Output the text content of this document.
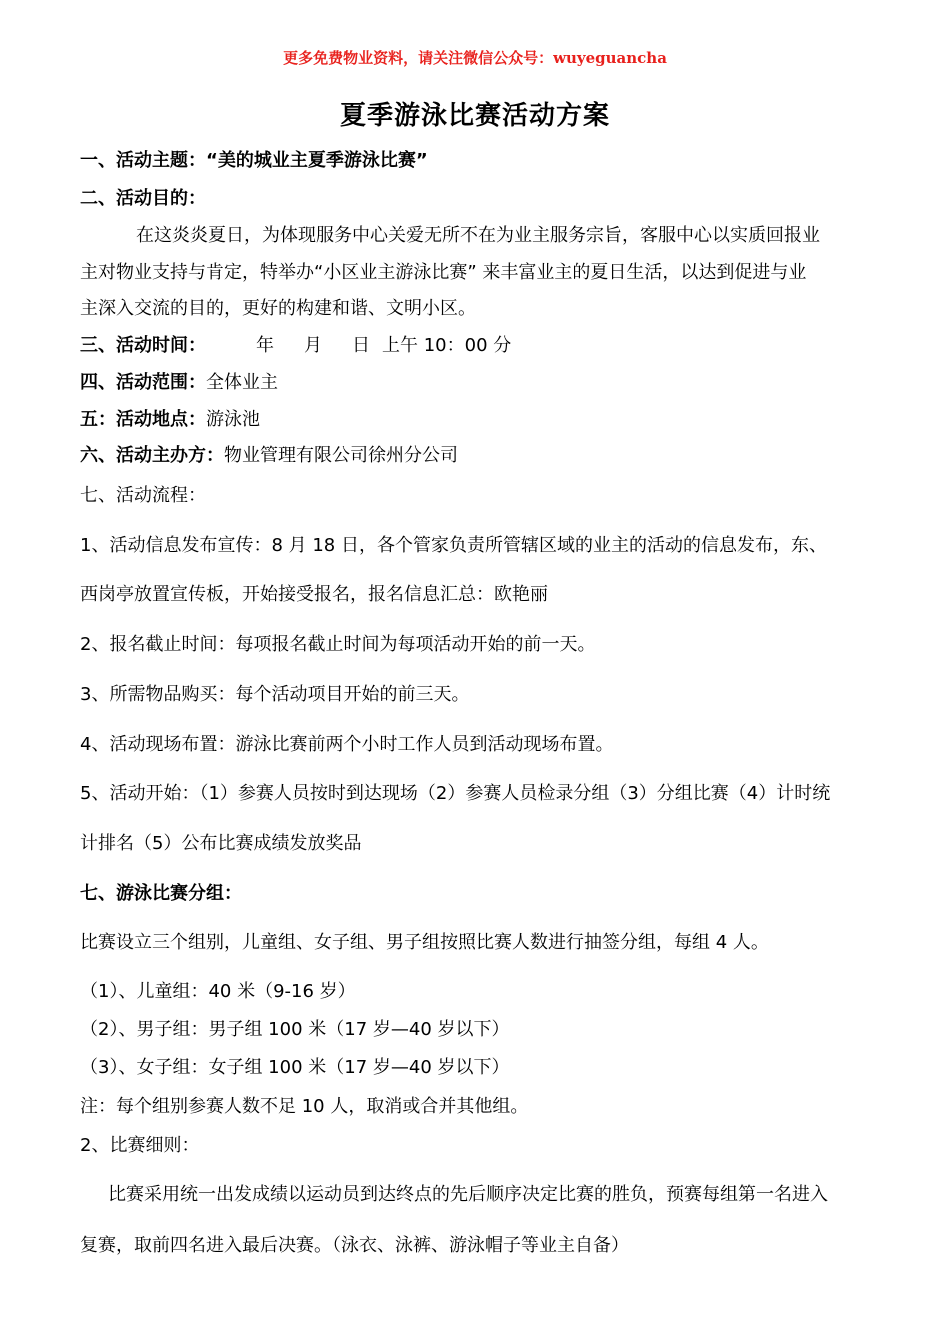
更多免费物业资料，请关注微信公众号：wuyeguancha
夏季游泳比赛活动方案
一、活动主题：“美的城业主夏季游泳比赛”
二、活动目的：
在这炎炎夏日，为体现服务中心关爱无所不在为业主服务宗旨，客服中心以实质回报业
主对物业支持与肯定，特举办“小区业主游泳比赛” 来丰富业主的夏日生活，以达到促进与业
主深入交流的目的，更好的构建和谐、文明小区。
三、活动时间：	年 月 日 上午 10：00 分
四、活动范围：全体业主
五：活动地点：游泳池
六、活动主办方：物业管理有限公司徐州分公司
七、活动流程：
1、活动信息发布宣传：8 月 18 日，各个管家负责所管辖区域的业主的活动的信息发布，东、
西岗亭放置宣传板，开始接受报名，报名信息汇总：欧艳丽
2、报名截止时间：每项报名截止时间为每项活动开始的前一天。
3、所需物品购买：每个活动项目开始的前三天。
4、活动现场布置：游泳比赛前两个小时工作人员到活动现场布置。
5、活动开始：（1）参赛人员按时到达现场（2）参赛人员检录分组（3）分组比赛（4）计时统
计排名（5）公布比赛成绩发放奖品
七、游泳比赛分组：
比赛设立三个组别，儿童组、女子组、男子组按照比赛人数进行抽签分组，每组 4 人。
（1）、儿童组：40 米（9-16 岁）
（2）、男子组：男子组 100 米（17 岁—40 岁以下）
（3）、女子组：女子组 100 米（17 岁—40 岁以下）
注：每个组别参赛人数不足 10 人，取消或合并其他组。
2、比赛细则：
比赛采用统一出发成绩以运动员到达终点的先后顺序决定比赛的胜负，预赛每组第一名进入
复赛，取前四名进入最后决赛。（泳衣、泳裤、游泳帽子等业主自备）
